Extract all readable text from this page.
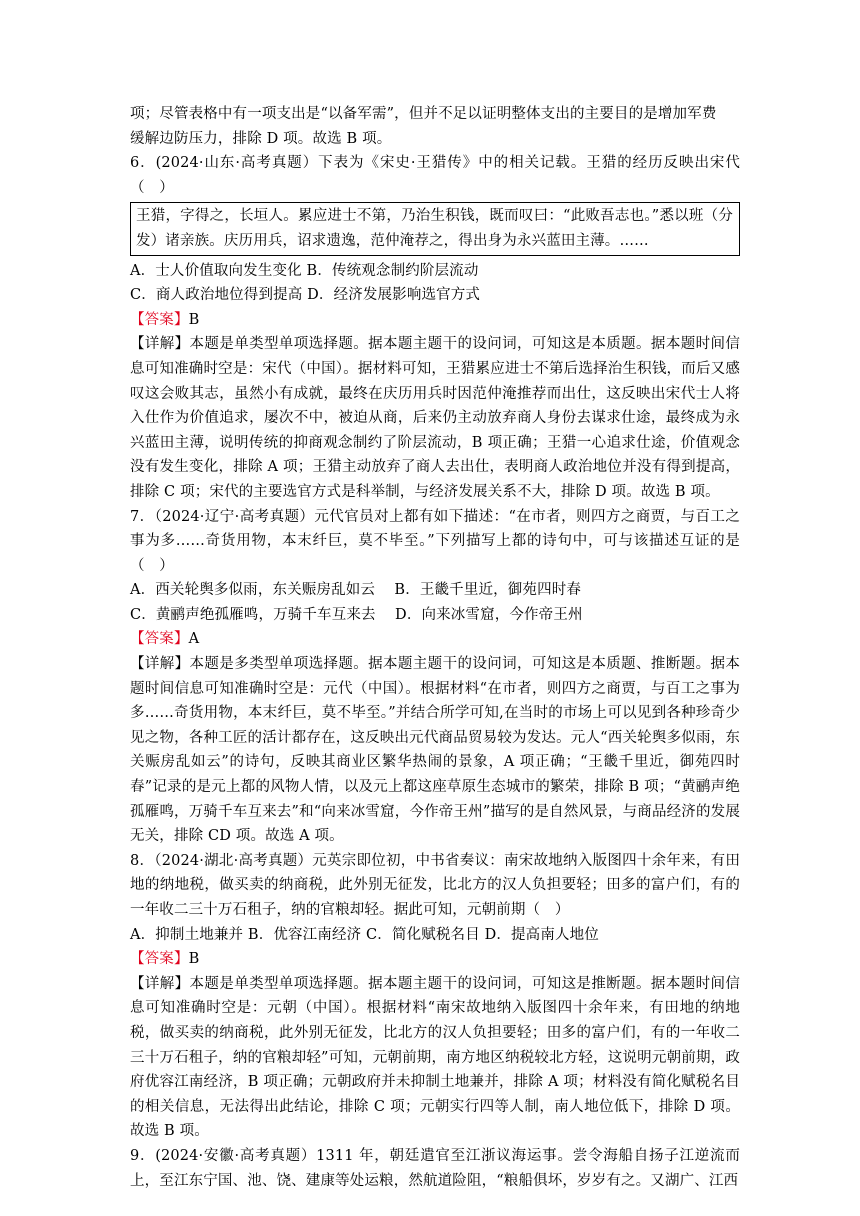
项；尽管表格中有一项支出是“以备军需”，但并不足以证明整体支出的主要目的是增加军费

缓解边防压力，排除 D 项。故选 B 项。

6．(2024·山东·高考真题）下表为《宋史·王猎传》中的相关记载。王猎的经历反映出宋代（　）

王猎，字得之，长垣人。累应进士不第，乃治生积钱，既而叹曰：“此败吾志也。”悉以班（分发）诸亲族。庆历用兵，诏求遗逸，范仲淹荐之，得出身为永兴蓝田主薄。……

A．士人价值取向发生变化 B．传统观念制约阶层流动

C．商人政治地位得到提高 D．经济发展影响选官方式

【答案】B

【详解】本题是单类型单项选择题。据本题主题干的设问词，可知这是本质题。据本题时间信息可知准确时空是：宋代（中国）。据材料可知，王猎累应进士不第后选择治生积钱，而后又感叹这会败其志，虽然小有成就，最终在庆历用兵时因范仲淹推荐而出仕，这反映出宋代士人将入仕作为价值追求，屡次不中，被迫从商，后来仍主动放弃商人身份去谋求仕途，最终成为永兴蓝田主薄，说明传统的抑商观念制约了阶层流动，B 项正确；王猎一心追求仕途，价值观念没有发生变化，排除 A 项；王猎主动放弃了商人去出仕，表明商人政治地位并没有得到提高，排除 C 项；宋代的主要选官方式是科举制，与经济发展关系不大，排除 D 项。故选 B 项。

7．（2024·辽宁·高考真题）元代官员对上都有如下描述：“在市者，则四方之商贾，与百工之事为多……奇货用物，本末纤巨，莫不毕至。”下列描写上都的诗句中，可与该描述互证的是（　）

A．西关轮舆多似雨，东关赈房乱如云　 B．王畿千里近，御苑四时春

C．黄鹂声绝孤雁鸣，万骑千车互来去　 D．向来冰雪窟，今作帝王州

【答案】A

【详解】本题是多类型单项选择题。据本题主题干的设问词，可知这是本质题、推断题。据本题时间信息可知准确时空是：元代（中国）。根据材料“在市者，则四方之商贾，与百工之事为多……奇货用物，本末纤巨，莫不毕至。”并结合所学可知,在当时的市场上可以见到各种珍奇少见之物，各种工匠的活计都存在，这反映出元代商品贸易较为发达。元人“西关轮舆多似雨，东关赈房乱如云”的诗句，反映其商业区繁华热闹的景象，A 项正确；“王畿千里近，御苑四时春”记录的是元上都的风物人情，以及元上都这座草原生态城市的繁荣，排除 B 项；“黄鹂声绝孤雁鸣，万骑千车互来去”和“向来冰雪窟，今作帝王州”描写的是自然风景，与商品经济的发展无关，排除 CD 项。故选 A 项。

8．（2024·湖北·高考真题）元英宗即位初，中书省奏议：南宋故地纳入版图四十余年来，有田地的纳地税，做买卖的纳商税，此外别无征发，比北方的汉人负担要轻；田多的富户们，有的一年收二三十万石租子，纳的官粮却轻。据此可知，元朝前期（　）

A．抑制土地兼并 B．优容江南经济 C．简化赋税名目 D．提高南人地位

【答案】B

【详解】本题是单类型单项选择题。据本题主题干的设问词，可知这是推断题。据本题时间信息可知准确时空是：元朝（中国）。根据材料“南宋故地纳入版图四十余年来，有田地的纳地税，做买卖的纳商税，此外别无征发，比北方的汉人负担要轻；田多的富户们，有的一年收二三十万石租子，纳的官粮却轻”可知，元朝前期，南方地区纳税较北方轻，这说明元朝前期，政府优容江南经济，B 项正确；元朝政府并未抑制土地兼并，排除 A 项；材料没有简化赋税名目的相关信息，无法得出此结论，排除 C 项；元朝实行四等人制，南人地位低下，排除 D 项。故选 B 项。

9．(2024·安徽·高考真题）1311 年，朝廷遣官至江浙议海运事。尝令海船自扬子江逆流而上，至江东宁国、池、饶、建康等处运粮，然航道险阻，“粮船俱坏，岁岁有之。又湖广、江西
